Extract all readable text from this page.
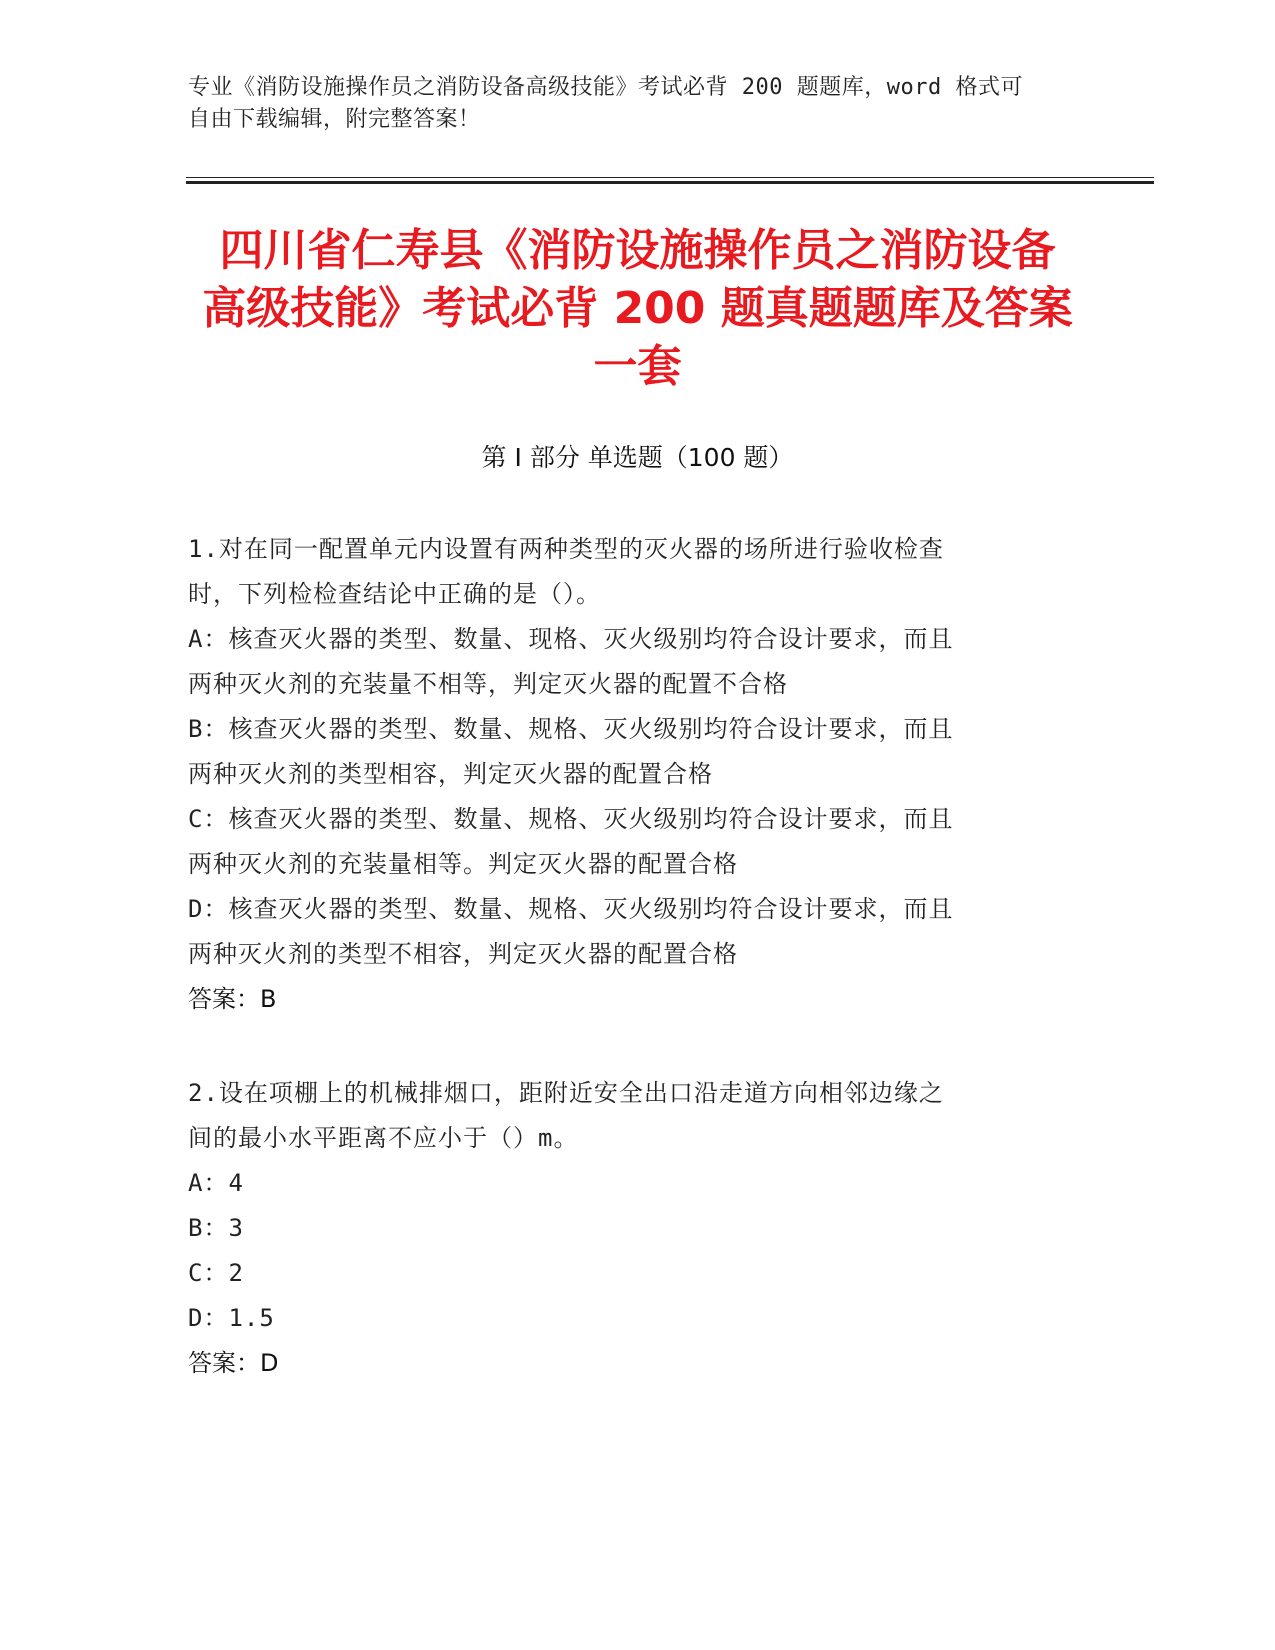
专业《消防设施操作员之消防设备高级技能》考试必背 200 题题库，word 格式可
自由下载编辑，附完整答案！
四川省仁寿县《消防设施操作员之消防设备
高级技能》考试必背 200 题真题题库及答案
一套
第 I 部分 单选题（100 题）
1.对在同一配置单元内设置有两种类型的灭火器的场所进行验收检查
时，下列检检查结论中正确的是（）。
A：核查灭火器的类型、数量、现格、灭火级别均符合设计要求，而且
两种灭火剂的充装量不相等，判定灭火器的配置不合格
B：核查灭火器的类型、数量、规格、灭火级别均符合设计要求，而且
两种灭火剂的类型相容，判定灭火器的配置合格
C：核查灭火器的类型、数量、规格、灭火级别均符合设计要求，而且
两种灭火剂的充装量相等。判定灭火器的配置合格
D：核查灭火器的类型、数量、规格、灭火级别均符合设计要求，而且
两种灭火剂的类型不相容，判定灭火器的配置合格
答案：B
2.设在项棚上的机械排烟口，距附近安全出口沿走道方向相邻边缘之
间的最小水平距离不应小于（）m。
A：4
B：3
C：2
D：1.5
答案：D
